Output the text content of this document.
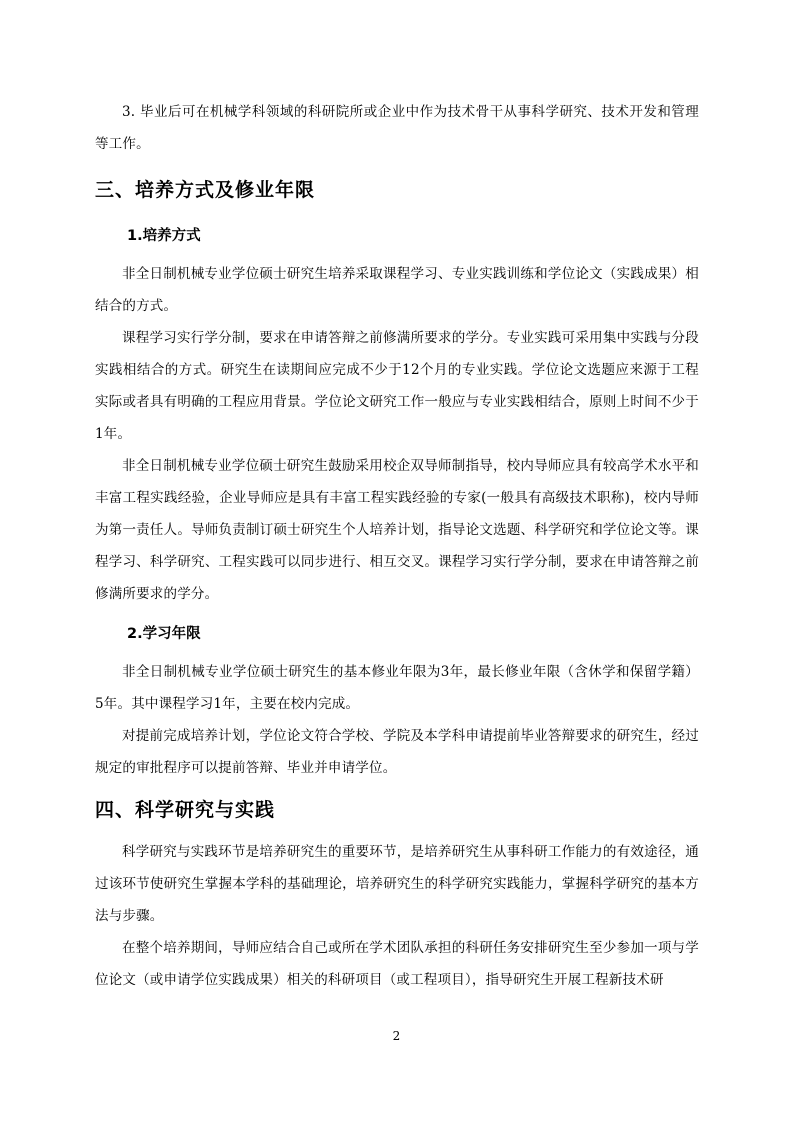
3. 毕业后可在机械学科领域的科研院所或企业中作为技术骨干从事科学研究、技术开发和管理等工作。

三、培养方式及修业年限
1.培养方式

非全日制机械专业学位硕士研究生培养采取课程学习、专业实践训练和学位论文（实践成果）相结合的方式。

课程学习实行学分制，要求在申请答辩之前修满所要求的学分。专业实践可采用集中实践与分段实践相结合的方式。研究生在读期间应完成不少于12个月的专业实践。学位论文选题应来源于工程实际或者具有明确的工程应用背景。学位论文研究工作一般应与专业实践相结合，原则上时间不少于1年。

非全日制机械专业学位硕士研究生鼓励采用校企双导师制指导，校内导师应具有较高学术水平和丰富工程实践经验，企业导师应是具有丰富工程实践经验的专家(一般具有高级技术职称)，校内导师为第一责任人。导师负责制订硕士研究生个人培养计划，指导论文选题、科学研究和学位论文等。课程学习、科学研究、工程实践可以同步进行、相互交叉。课程学习实行学分制，要求在申请答辩之前修满所要求的学分。

2.学习年限

非全日制机械专业学位硕士研究生的基本修业年限为3年，最长修业年限（含休学和保留学籍）5年。其中课程学习1年，主要在校内完成。

对提前完成培养计划，学位论文符合学校、学院及本学科申请提前毕业答辩要求的研究生，经过规定的审批程序可以提前答辩、毕业并申请学位。

四、科学研究与实践

科学研究与实践环节是培养研究生的重要环节，是培养研究生从事科研工作能力的有效途径，通过该环节使研究生掌握本学科的基础理论，培养研究生的科学研究实践能力，掌握科学研究的基本方法与步骤。

在整个培养期间，导师应结合自己或所在学术团队承担的科研任务安排研究生至少参加一项与学位论文（或申请学位实践成果）相关的科研项目（或工程项目），指导研究生开展工程新技术研

2
